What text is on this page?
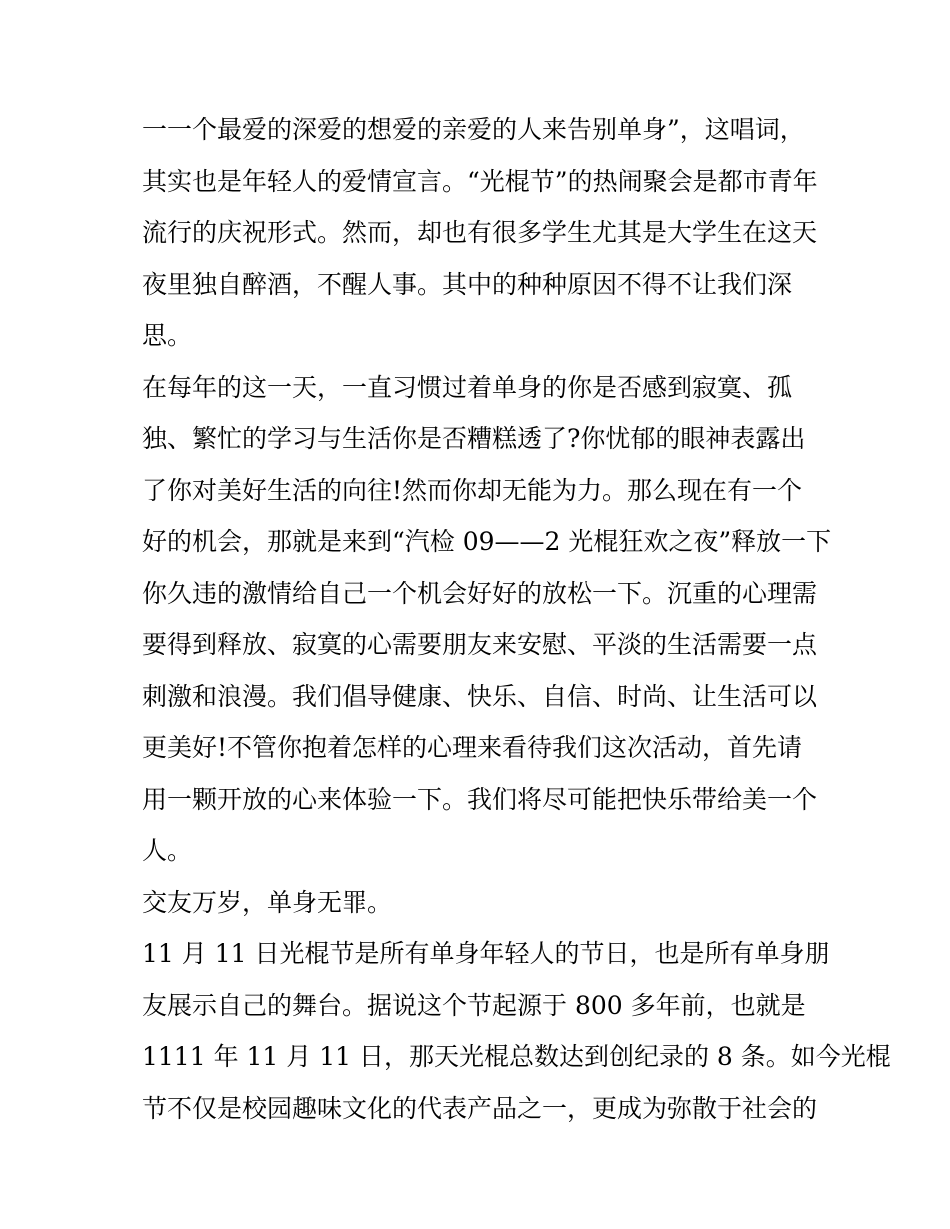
一一个最爱的深爱的想爱的亲爱的人来告别单身”，这唱词，
其实也是年轻人的爱情宣言。“光棍节”的热闹聚会是都市青年
流行的庆祝形式。然而，却也有很多学生尤其是大学生在这天
夜里独自醉酒，不醒人事。其中的种种原因不得不让我们深
思。
在每年的这一天，一直习惯过着单身的你是否感到寂寞、孤
独、繁忙的学习与生活你是否糟糕透了?你忧郁的眼神表露出
了你对美好生活的向往!然而你却无能为力。那么现在有一个
好的机会，那就是来到“汽检 09——2 光棍狂欢之夜”释放一下
你久违的激情给自己一个机会好好的放松一下。沉重的心理需
要得到释放、寂寞的心需要朋友来安慰、平淡的生活需要一点
刺激和浪漫。我们倡导健康、快乐、自信、时尚、让生活可以
更美好!不管你抱着怎样的心理来看待我们这次活动，首先请
用一颗开放的心来体验一下。我们将尽可能把快乐带给美一个
人。
交友万岁，单身无罪。
11 月 11 日光棍节是所有单身年轻人的节日，也是所有单身朋
友展示自己的舞台。据说这个节起源于 800 多年前，也就是
1111 年 11 月 11 日，那天光棍总数达到创纪录的 8 条。如今光棍
节不仅是校园趣味文化的代表产品之一，更成为弥散于社会的
